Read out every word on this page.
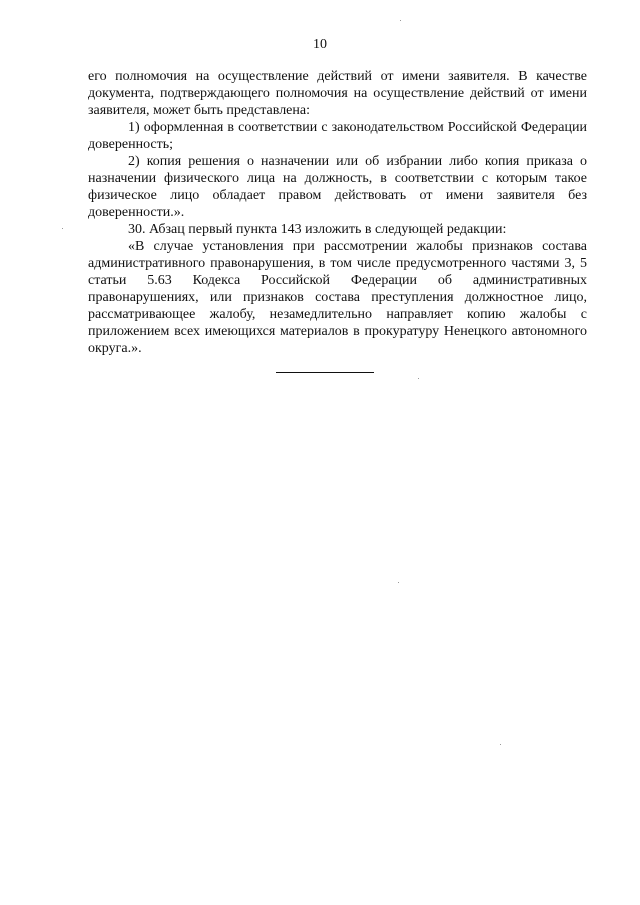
10

его полномочия на осуществление действий от имени заявителя. В качестве документа, подтверждающего полномочия на осуществление действий от имени заявителя, может быть представлена:

1) оформленная в соответствии с законодательством Российской Федерации доверенность;

2) копия решения о назначении или об избрании либо копия приказа о назначении физического лица на должность, в соответствии с которым такое физическое лицо обладает правом действовать от имени заявителя без доверенности.».

30. Абзац первый пункта 143 изложить в следующей редакции:

«В случае установления при рассмотрении жалобы признаков состава административного правонарушения, в том числе предусмотренного частями 3, 5 статьи 5.63 Кодекса Российской Федерации об административных правонарушениях, или признаков состава преступления должностное лицо, рассматривающее жалобу, незамедлительно направляет копию жалобы с приложением всех имеющихся материалов в прокуратуру Ненецкого автономного округа.».
